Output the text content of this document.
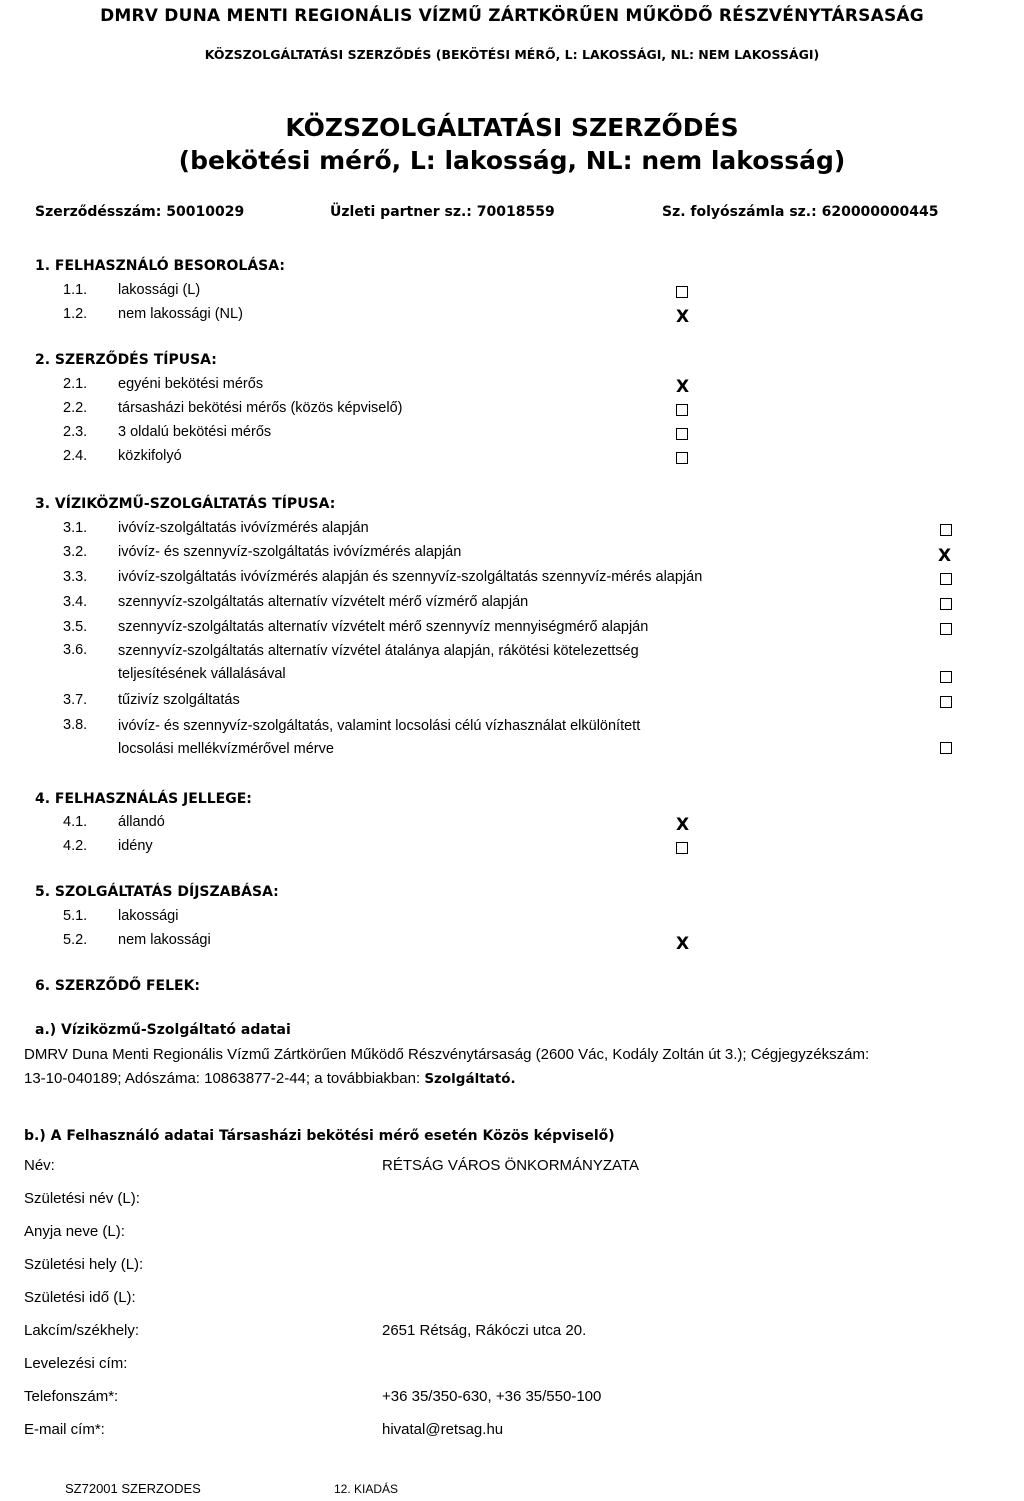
DMRV DUNA MENTI REGIONÁLIS VÍZMŰ ZÁRTKÖRŰEN MŰKÖDŐ RÉSZVÉNYTÁRSASÁG
KÖZSZOLGÁLTATÁSI SZERZŐDÉS (BEKÖTÉSI MÉRŐ, L: LAKOSSÁGI, NL: NEM LAKOSSÁGI)
KÖZSZOLGÁLTATÁSI SZERZŐDÉS
(bekötési mérő, L: lakosság, NL: nem lakosság)
Szerződésszám: 50010029	Üzleti partner sz.: 70018559	Sz. folyószámla sz.: 620000000445
1. FELHASZNÁLÓ BESOROLÁSA:
1.1. lakossági (L)
1.2. nem lakossági (NL)	X
2. SZERZŐDÉS TÍPUSA:
2.1. egyéni bekötési mérős	X
2.2. társasházi bekötési mérős (közös képviselő)
2.3. 3 oldalú bekötési mérős
2.4. közkifolyó
3. VÍZIKÖZMŰ-SZOLGÁLTATÁS TÍPUSA:
3.1. ivóvíz-szolgáltatás ivóvízmérés alapján
3.2. ivóvíz- és szennyvíz-szolgáltatás ivóvízmérés alapján	X
3.3. ivóvíz-szolgáltatás ivóvízmérés alapján és szennyvíz-szolgáltatás szennyvíz-mérés alapján
3.4. szennyvíz-szolgáltatás alternatív vízvételt mérő vízmérő alapján
3.5. szennyvíz-szolgáltatás alternatív vízvételt mérő szennyvíz mennyiségmérő alapján
3.6. szennyvíz-szolgáltatás alternatív vízvétel átalánya alapján, rákötési kötelezettség
teljesítésének vállalásával
3.7. tűzivíz szolgáltatás
3.8. ivóvíz- és szennyvíz-szolgáltatás, valamint locsolási célú vízhasználat elkülönített
locsolási mellékvízmérővel mérve
4. FELHASZNÁLÁS JELLEGE:
4.1. állandó	X
4.2. idény
5. SZOLGÁLTATÁS DÍJSZABÁSA:
5.1. lakossági
5.2. nem lakossági	X
6. SZERZŐDŐ FELEK:
a.) Víziközmű-Szolgáltató adatai
DMRV Duna Menti Regionális Vízmű Zártkörűen Működő Részvénytársaság (2600 Vác, Kodály Zoltán út 3.); Cégjegyzékszám:
13-10-040189; Adószáma: 10863877-2-44; a továbbiakban: Szolgáltató.
b.) A Felhasználó adatai Társasházi bekötési mérő esetén Közös képviselő)
Név:	RÉTSÁG VÁROS ÖNKORMÁNYZATA
Születési név (L):
Anyja neve (L):
Születési hely (L):
Születési idő (L):
Lakcím/székhely:	2651 Rétság, Rákóczi utca 20.
Levelezési cím:
Telefonszám*:	+36 35/350-630, +36 35/550-100
E-mail cím*:	hivatal@retsag.hu
SZ72001 SZERZODES	12. KIADÁS
